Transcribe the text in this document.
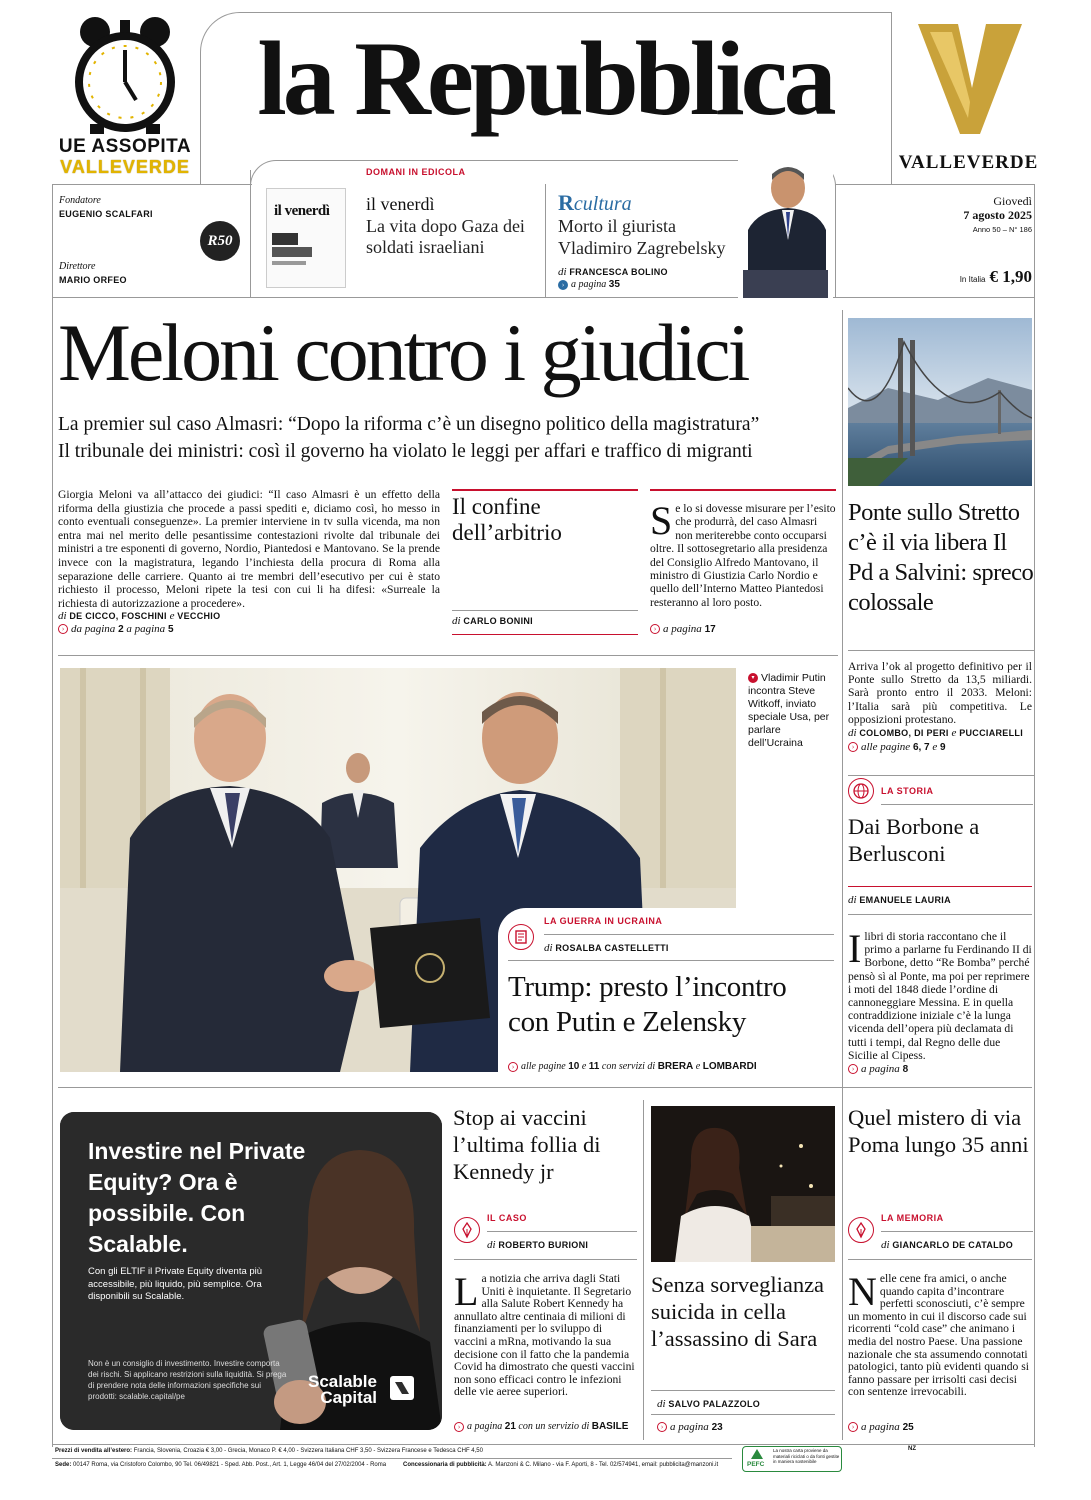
UE ASSOPITA
VALLEVERDE
la Repubblica
VALLEVERDE
Fondatore
EUGENIO SCALFARI
Direttore
MARIO ORFEO
R50
il venerdì
DOMANI IN EDICOLA
il venerdì
La vita dopo Gaza dei soldati israeliani
Rcultura
Morto il giurista Vladimiro Zagrebelsky
di FRANCESCA BOLINO
› a pagina 35
Giovedì
7 agosto 2025
Anno 50 – N° 186
In Italia € 1,90
Meloni contro i giudici
La premier sul caso Almasri: “Dopo la riforma c’è un disegno politico della magistratura”
Il tribunale dei ministri: così il governo ha violato le leggi per affari e traffico di migranti
Giorgia Meloni va all’attacco dei giudici: “Il caso Almasri è un effetto della riforma della giustizia che procede a passi spediti e, diciamo così, ho messo in conto eventuali conseguenze». La premier interviene in tv sulla vicenda, ma non entra mai nel merito delle pesantissime contestazioni rivolte dal tribunale dei ministri a tre esponenti di governo, Nordio, Piantedosi e Mantovano. Se la prende invece con la magistratura, legando l’inchiesta della procura di Roma alla separazione delle carriere. Quanto ai tre membri dell’esecutivo per cui è stato richiesto il processo, Meloni ripete la tesi con cui li ha difesi: «Surreale la richiesta di autorizzazione a procedere».
di DE CICCO, FOSCHINI e VECCHIO
› da pagina 2 a pagina 5
Il confine dell’arbitrio
di CARLO BONINI
Se lo si dovesse misurare per l’esito che produrrà, del caso Almasri non meriterebbe conto occuparsi oltre. Il sottosegretario alla presidenza del Consiglio Alfredo Mantovano, il ministro di Giustizia Carlo Nordio e quello dell’Interno Matteo Piantedosi resteranno al loro posto.
› a pagina 17
Ponte sullo Stretto c’è il via libera Il Pd a Salvini: spreco colossale
Arriva l’ok al progetto definitivo per il Ponte sullo Stretto da 13,5 miliardi. Sarà pronto entro il 2033. Meloni: l’Italia sarà più competitiva. Le opposizioni protestano.
di COLOMBO, DI PERI e PUCCIARELLI
› alle pagine 6, 7 e 9
▾ Vladimir Putin incontra Steve Witkoff, inviato speciale Usa, per parlare dell’Ucraina
LA GUERRA IN UCRAINA
di ROSALBA CASTELLETTI
Trump: presto l’incontro con Putin e Zelensky
› alle pagine 10 e 11 con servizi di BRERA e LOMBARDI
LA STORIA
Dai Borbone a Berlusconi
di EMANUELE LAURIA
Ilibri di storia raccontano che il primo a parlarne fu Ferdinando II di Borbone, detto “Re Bomba” perché pensò sì al Ponte, ma poi per reprimere i moti del 1848 diede l’ordine di cannoneggiare Messina. E in quella contraddizione iniziale c’è la lunga vicenda dell’opera più declamata di tutti i tempi, dal Regno delle due Sicilie al Cipess.
› a pagina 8
Investire nel Private Equity? Ora è possibile. Con Scalable.
Con gli ELTIF il Private Equity diventa più accessibile, più liquido, più semplice. Ora disponibili su Scalable.
Non è un consiglio di investimento. Investire comporta dei rischi. Si applicano restrizioni sulla liquidità. Si prega di prendere nota delle informazioni specifiche sui prodotti: scalable.capital/pe
Scalable
Capital
Stop ai vaccini l’ultima follia di Kennedy jr
IL CASO
di ROBERTO BURIONI
La notizia che arriva dagli Stati Uniti è inquietante. Il Segretario alla Salute Robert Kennedy ha annullato altre centinaia di milioni di finanziamenti per lo sviluppo di vaccini a mRna, motivando la sua decisione con il fatto che la pandemia Covid ha dimostrato che questi vaccini non sono efficaci contro le infezioni delle vie aeree superiori.
› a pagina 21 con un servizio di BASILE
Senza sorveglianza suicida in cella l’assassino di Sara
di SALVO PALAZZOLO
› a pagina 23
Quel mistero di via Poma lungo 35 anni
LA MEMORIA
di GIANCARLO DE CATALDO
Nelle cene fra amici, o anche quando capita d’incontrare perfetti sconosciuti, c’è sempre un momento in cui il discorso cade sui ricorrenti “cold case” che animano i media del nostro Paese. Una passione nazionale che sta assumendo connotati patologici, tanto più evidenti quando si fanno passare per irrisolti casi decisi con sentenze irrevocabili.
› a pagina 25
Prezzi di vendita all’estero: Francia, Slovenia, Croazia € 3,00 - Grecia, Monaco P. € 4,00 - Svizzera Italiana CHF 3,50 - Svizzera Francese e Tedesca CHF 4,50
Sede: 00147 Roma, via Cristoforo Colombo, 90 Tel. 06/49821 - Sped. Abb. Post., Art. 1, Legge 46/04 del 27/02/2004 - Roma	Concessionaria di pubblicità: A. Manzoni & C. Milano - via F. Aporti, 8 - Tel. 02/574941, email: pubblicita@manzoni.it	PEFC
La nostra carta proviene da materiali riciclati o da fonti gestite in maniera sostenibile
NZ
